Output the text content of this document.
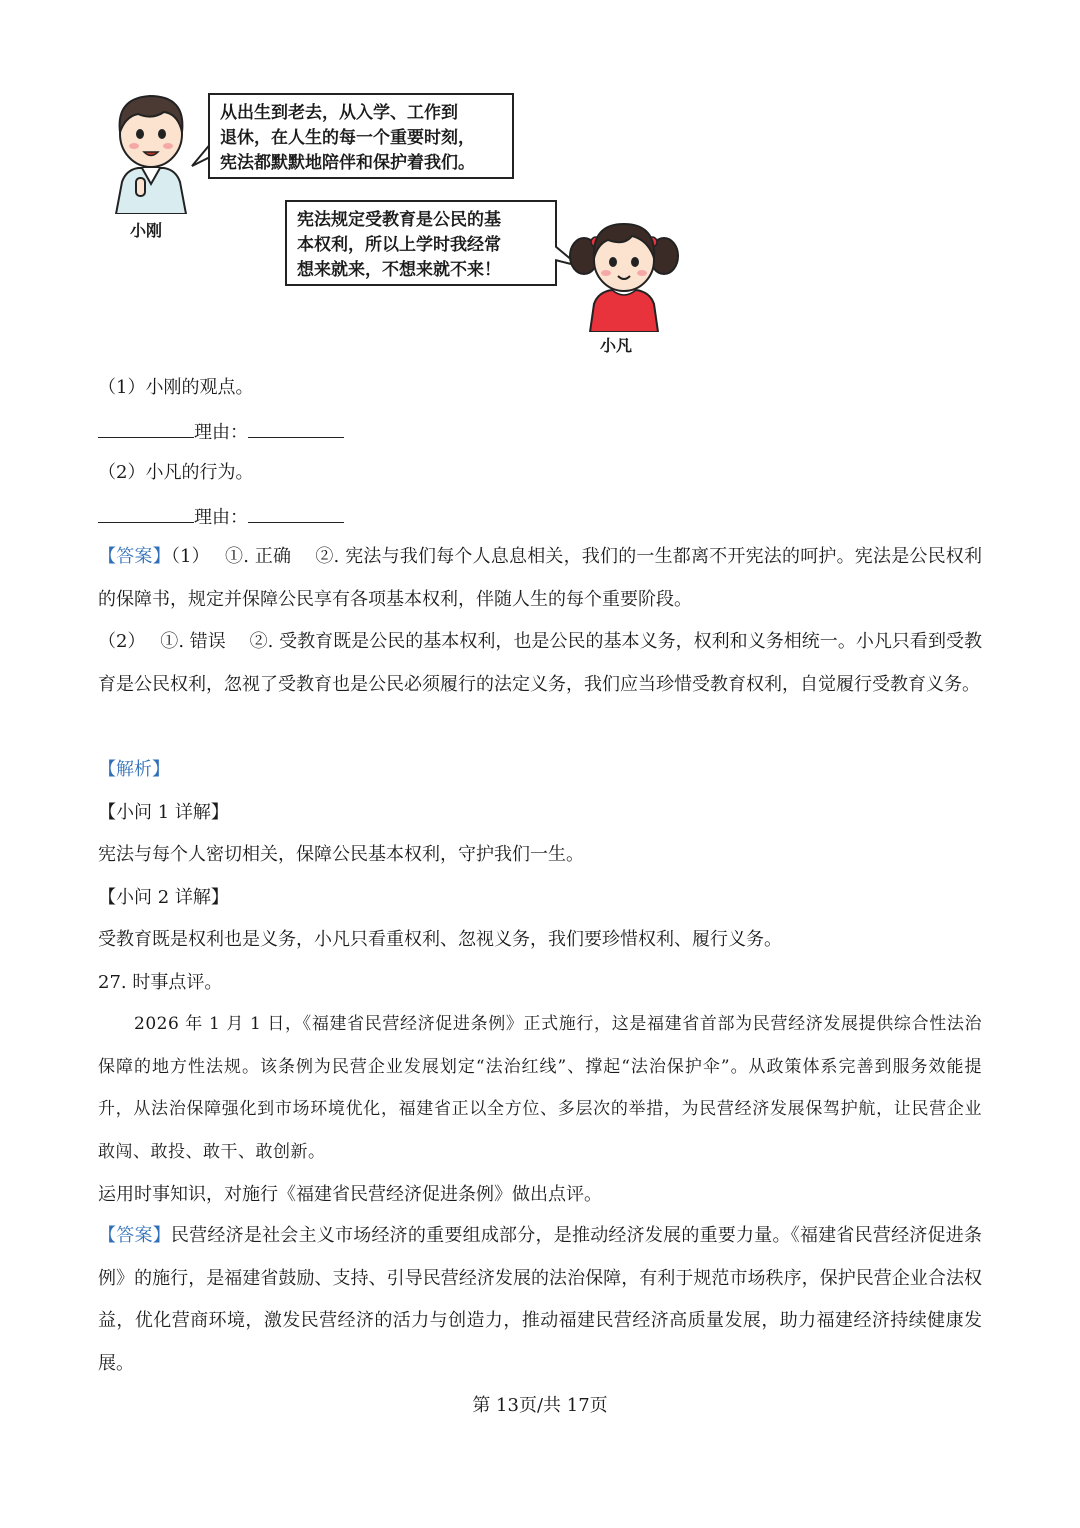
小刚
从出生到老去，从入学、工作到
退休，在人生的每一个重要时刻，
宪法都默默地陪伴和保护着我们。
宪法规定受教育是公民的基
本权利，所以上学时我经常
想来就来，不想来就不来！
小凡
（1）小刚的观点。
理由：
（2）小凡的行为。
理由：
【答案】（1）　 ①. 正确　 ②. 宪法与我们每个人息息相关，我们的一生都离不开宪法的呵护。宪法是公民权利的保障书，规定并保障公民享有各项基本权利，伴随人生的每个重要阶段。
（2）　 ①. 错误　 ②. 受教育既是公民的基本权利，也是公民的基本义务，权利和义务相统一。小凡只看到受教育是公民权利，忽视了受教育也是公民必须履行的法定义务，我们应当珍惜受教育权利，自觉履行受教育义务。
【解析】
【小问 1 详解】
宪法与每个人密切相关，保障公民基本权利，守护我们一生。
【小问 2 详解】
受教育既是权利也是义务，小凡只看重权利、忽视义务，我们要珍惜权利、履行义务。
27. 时事点评。
2026 年 1 月 1 日，《福建省民营经济促进条例》正式施行，这是福建省首部为民营经济发展提供综合性法治保障的地方性法规。该条例为民营企业发展划定“法治红线”、撑起“法治保护伞”。从政策体系完善到服务效能提升，从法治保障强化到市场环境优化，福建省正以全方位、多层次的举措，为民营经济发展保驾护航，让民营企业敢闯、敢投、敢干、敢创新。
运用时事知识，对施行《福建省民营经济促进条例》做出点评。
【答案】民营经济是社会主义市场经济的重要组成部分，是推动经济发展的重要力量。《福建省民营经济促进条例》的施行，是福建省鼓励、支持、引导民营经济发展的法治保障，有利于规范市场秩序，保护民营企业合法权益，优化营商环境，激发民营经济的活力与创造力，推动福建民营经济高质量发展，助力福建经济持续健康发展。
第 13页/共 17页
